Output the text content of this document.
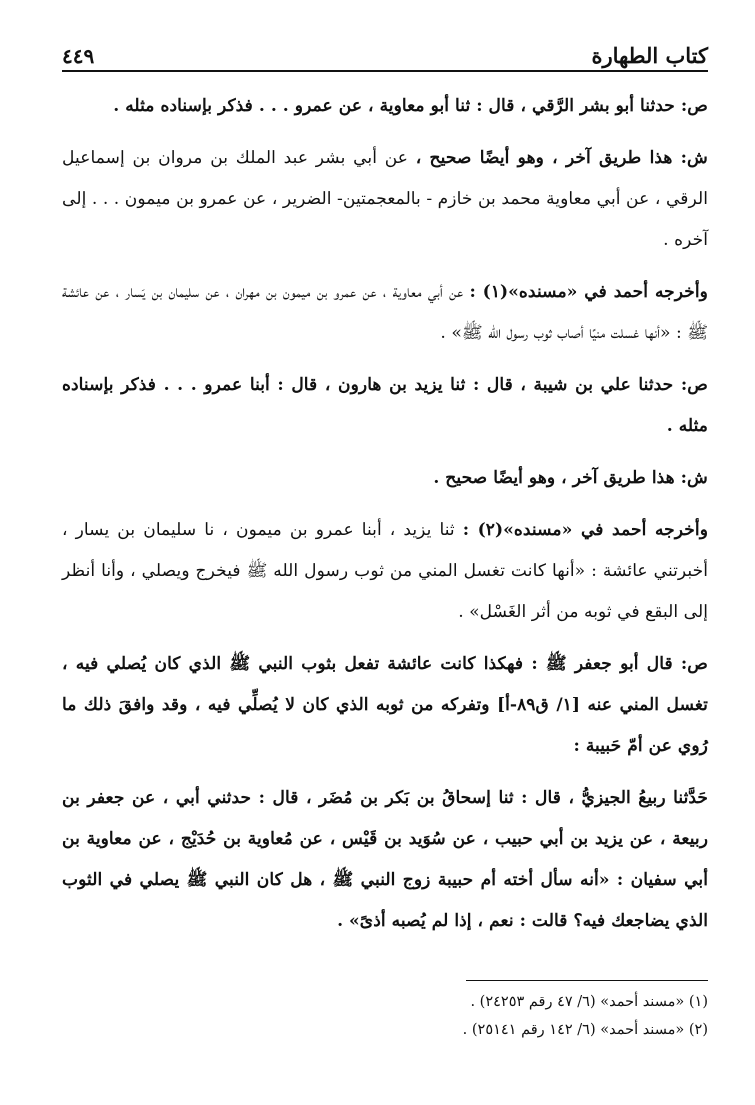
كتاب الطهارة
٤٤٩

ص: حدثنا أبو بشر الرَّقي ، قال : ثنا أبو معاوية ، عن عمرو . . . فذكر بإسناده مثله .

ش: هذا طريق آخر ، وهو أيضًا صحيح ، عن أبي بشر عبد الملك بن مروان بن إسماعيل الرقي ، عن أبي معاوية محمد بن خازم - بالمعجمتين- الضرير ، عن عمرو بن ميمون . . . إلى آخره .

وأخرجه أحمد في «مسنده»(١) : عن أبي معاوية ، عن عمرو بن ميمون بن مهران ، عن سليمان بن يَسار ، عن عائشة ﷺ : «أنها غسلت منيًا أصاب ثوب رسول الله ﷺ» .

ص: حدثنا علي بن شيبة ، قال : ثنا يزيد بن هارون ، قال : أبنا عمرو . . . فذكر بإسناده مثله .

ش: هذا طريق آخر ، وهو أيضًا صحيح .

وأخرجه أحمد في «مسنده»(٢) : ثنا يزيد ، أبنا عمرو بن ميمون ، نا سليمان بن يسار ، أخبرتني عائشة : «أنها كانت تغسل المني من ثوب رسول الله ﷺ فيخرج ويصلي ، وأنا أنظر إلى البقع في ثوبه من أثر الغَسْل» .

ص: قال أبو جعفر ﷺ : فهكذا كانت عائشة تفعل بثوب النبي ﷺ الذي كان يُصلي فيه ، تغسل المني عنه [١/ ق٨٩-أ] وتفركه من ثوبه الذي كان لا يُصلِّي فيه ، وقد وافقَ ذلك ما رُوي عن أمّ حَبيبة :

حَدَّثنا ربيعُ الجيزيُّ ، قال : ثنا إسحاقُ بن بَكر بن مُضَر ، قال : حدثني أبي ، عن جعفر بن ربيعة ، عن يزيد بن أبي حبيب ، عن سُوَيد بن قَيْس ، عن مُعاوية بن حُدَيْج ، عن معاوية بن أبي سفيان : «أنه سأل أخته أم حبيبة زوج النبي ﷺ ، هل كان النبي ﷺ يصلي في الثوب الذي يضاجعك فيه؟ قالت : نعم ، إذا لم يُصبه أذىً» .

(١) «مسند أحمد» (٦/ ٤٧ رقم ٢٤٢٥٣) .

(٢) «مسند أحمد» (٦/ ١٤٢ رقم ٢٥١٤١) .
